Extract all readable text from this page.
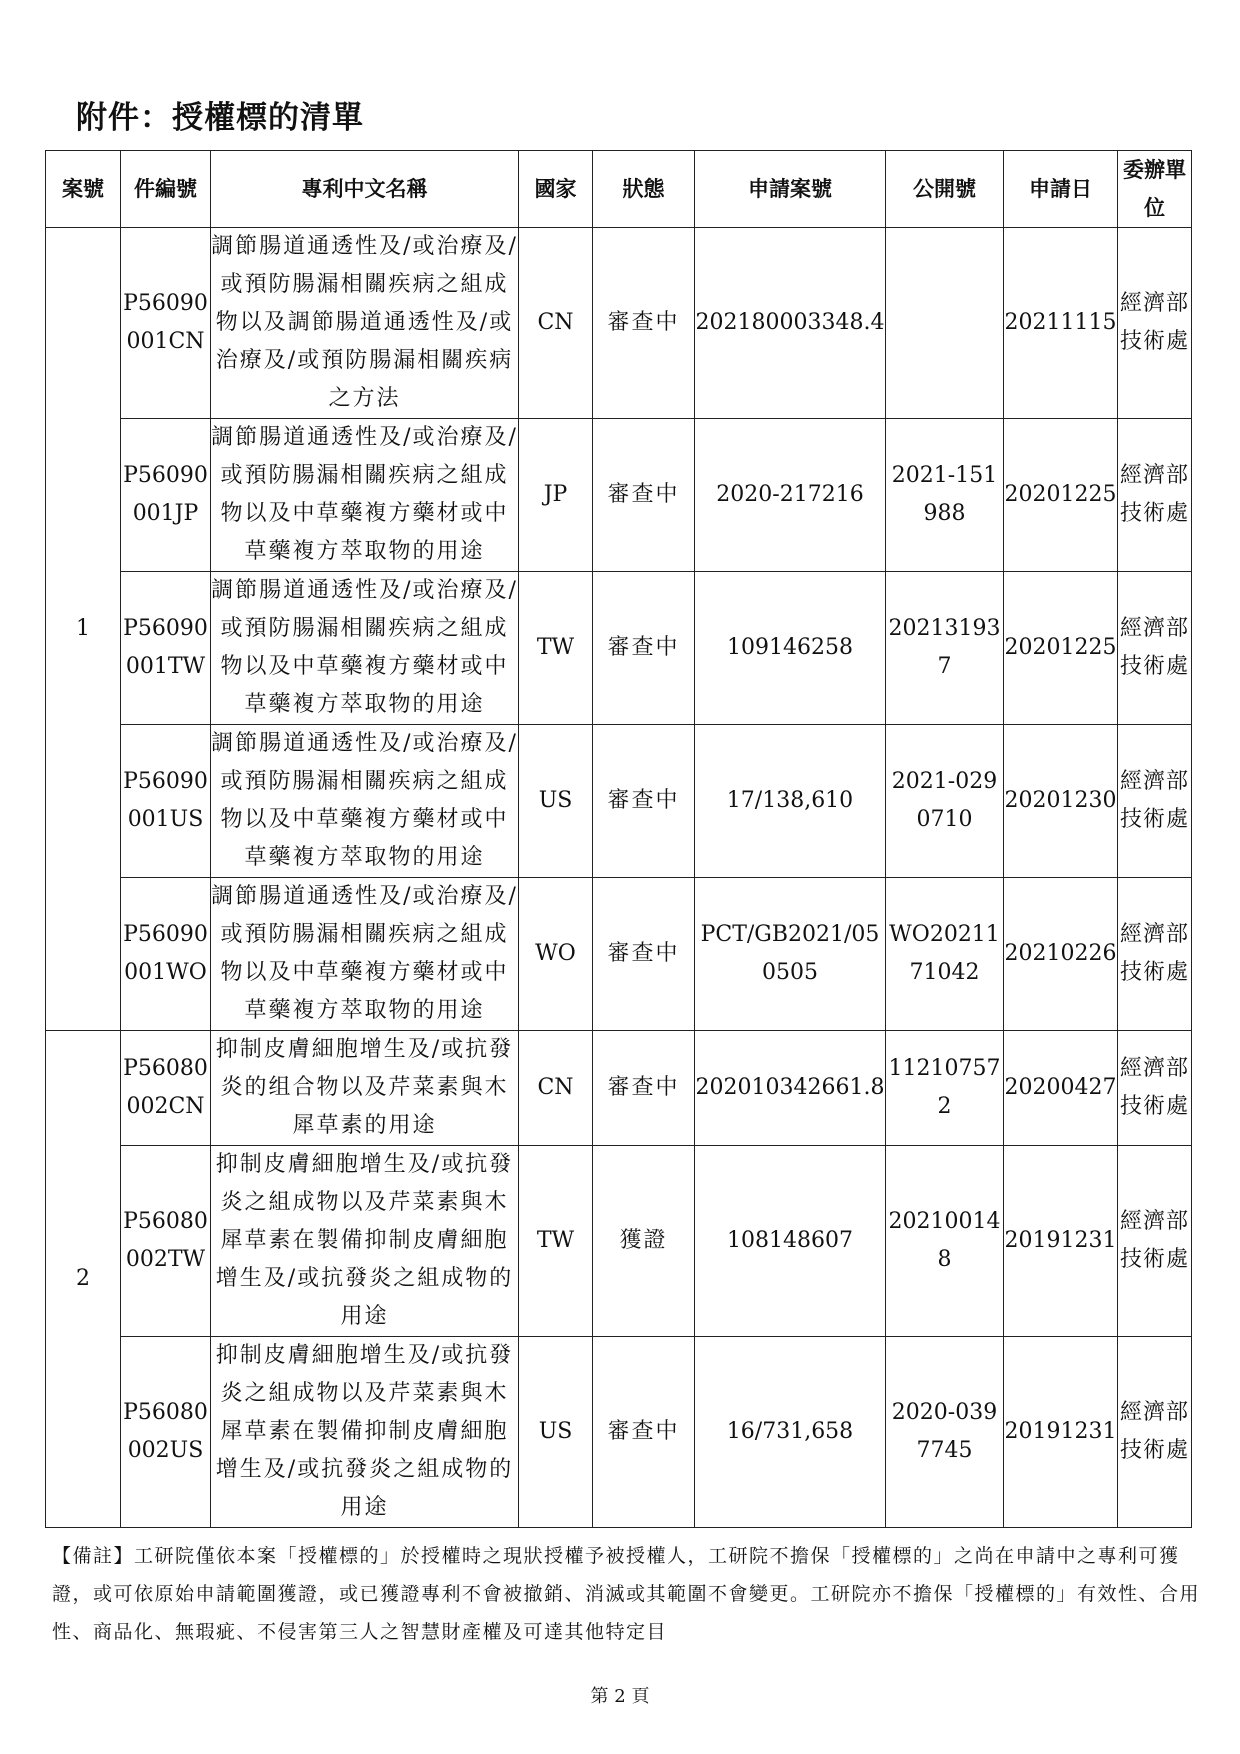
附件：授權標的清單
案號	件編號	專利中文名稱	國家	狀態	申請案號	公開號	申請日	委辦單位
1	P56090 001CN	調節腸道通透性及/或治療及/或預防腸漏相關疾病之組成物以及調節腸道通透性及/或治療及/或預防腸漏相關疾病之方法	CN	審查中	202180003348.4		20211115	經濟部技術處
	P56090 001JP	調節腸道通透性及/或治療及/或預防腸漏相關疾病之組成物以及中草藥複方藥材或中草藥複方萃取物的用途	JP	審查中	2020-217216	2021-151988	20201225	經濟部技術處
	P56090 001TW	調節腸道通透性及/或治療及/或預防腸漏相關疾病之組成物以及中草藥複方藥材或中草藥複方萃取物的用途	TW	審查中	109146258	202131937	20201225	經濟部技術處
	P56090 001US	調節腸道通透性及/或治療及/或預防腸漏相關疾病之組成物以及中草藥複方藥材或中草藥複方萃取物的用途	US	審查中	17/138,610	2021-0290710	20201230	經濟部技術處
	P56090 001WO	調節腸道通透性及/或治療及/或預防腸漏相關疾病之組成物以及中草藥複方藥材或中草藥複方萃取物的用途	WO	審查中	PCT/GB2021/050505	WO2021171042	20210226	經濟部技術處
2	P56080 002CN	抑制皮膚細胞增生及/或抗發炎的组合物以及芹菜素與木犀草素的用途	CN	審查中	202010342661.8	112107572	20200427	經濟部技術處
	P56080 002TW	抑制皮膚細胞增生及/或抗發炎之組成物以及芹菜素與木犀草素在製備抑制皮膚細胞增生及/或抗發炎之組成物的用途	TW	獲證	108148607	202100148	20191231	經濟部技術處
	P56080 002US	抑制皮膚細胞增生及/或抗發炎之組成物以及芹菜素與木犀草素在製備抑制皮膚細胞增生及/或抗發炎之組成物的用途	US	審查中	16/731,658	2020-0397745	20191231	經濟部技術處
【備註】工研院僅依本案「授權標的」於授權時之現狀授權予被授權人，工研院不擔保「授權標的」之尚在申請中之專利可獲證，或可依原始申請範圍獲證，或已獲證專利不會被撤銷、消滅或其範圍不會變更。工研院亦不擔保「授權標的」有效性、合用性、商品化、無瑕疵、不侵害第三人之智慧財產權及可達其他特定目
第 2 頁
